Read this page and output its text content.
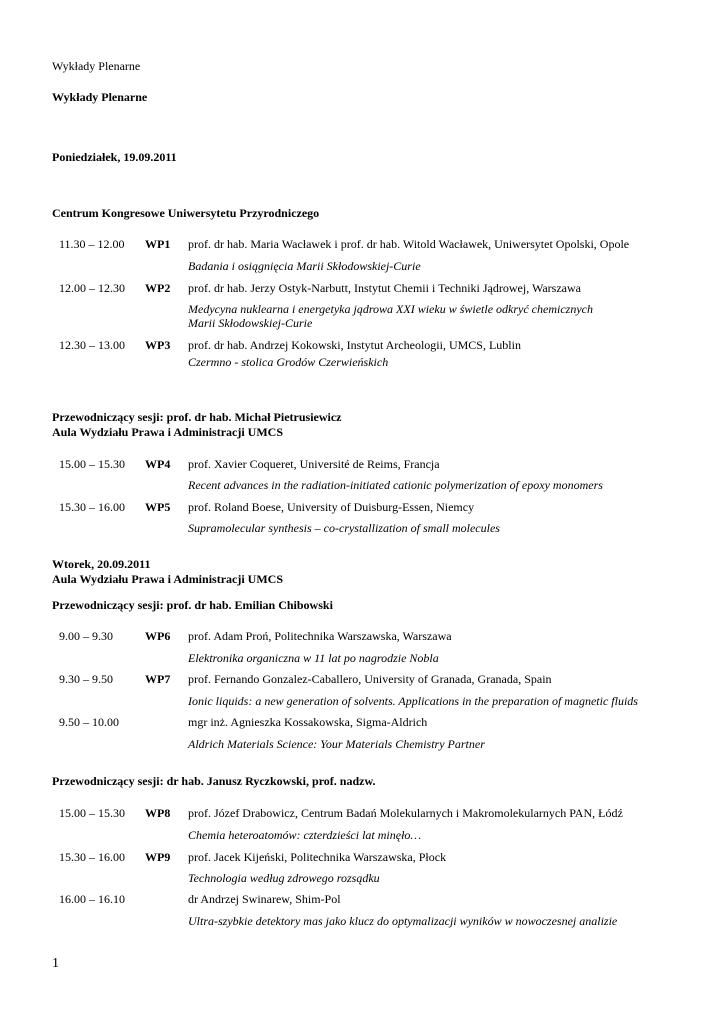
Wykłady Plenarne
Wykłady Plenarne
Poniedziałek, 19.09.2011
Centrum Kongresowe Uniwersytetu Przyrodniczego
11.30 – 12.00 WP1 prof. dr hab. Maria Wacławek i prof. dr hab. Witold Wacławek, Uniwersytet Opolski, Opole
Badania i osiągnięcia Marii Skłodowskiej-Curie
12.00 – 12.30 WP2 prof. dr hab. Jerzy Ostyk-Narbutt, Instytut Chemii i Techniki Jądrowej, Warszawa
Medycyna nuklearna i energetyka jądrowa XXI wieku w świetle odkryć chemicznych
Marii Skłodowskiej-Curie
12.30 – 13.00 WP3 prof. dr hab. Andrzej Kokowski, Instytut Archeologii, UMCS, Lublin
Czermno - stolica Grodów Czerwieńskich
Przewodniczący sesji: prof. dr hab. Michał Pietrusiewicz
Aula Wydziału Prawa i Administracji UMCS
15.00 – 15.30 WP4 prof. Xavier Coqueret, Université de Reims, Francja
Recent advances in the radiation-initiated cationic polymerization of epoxy monomers
15.30 – 16.00 WP5 prof. Roland Boese, University of Duisburg-Essen, Niemcy
Supramolecular synthesis – co-crystallization of small molecules
Wtorek, 20.09.2011
Aula Wydziału Prawa i Administracji UMCS
Przewodniczący sesji: prof. dr hab. Emilian Chibowski
9.00 – 9.30	WP6 prof. Adam Proń, Politechnika Warszawska, Warszawa
Elektronika organiczna w 11 lat po nagrodzie Nobla
9.30 – 9.50	WP7 prof. Fernando Gonzalez-Caballero, University of Granada, Granada, Spain
Ionic liquids: a new generation of solvents. Applications in the preparation of magnetic fluids
9.50 – 10.00	mgr inż. Agnieszka Kossakowska, Sigma-Aldrich
Aldrich Materials Science: Your Materials Chemistry Partner
Przewodniczący sesji: dr hab. Janusz Ryczkowski, prof. nadzw.
15.00 – 15.30 WP8 prof. Józef Drabowicz, Centrum Badań Molekularnych i Makromolekularnych PAN, Łódź
Chemia heteroatomów: czterdzieści lat minęło…
15.30 – 16.00 WP9 prof. Jacek Kijeński, Politechnika Warszawska, Płock
Technologia według zdrowego rozsądku
16.00 – 16.10	dr Andrzej Swinarew, Shim-Pol
Ultra-szybkie detektory mas jako klucz do optymalizacji wyników w nowoczesnej analizie
1
